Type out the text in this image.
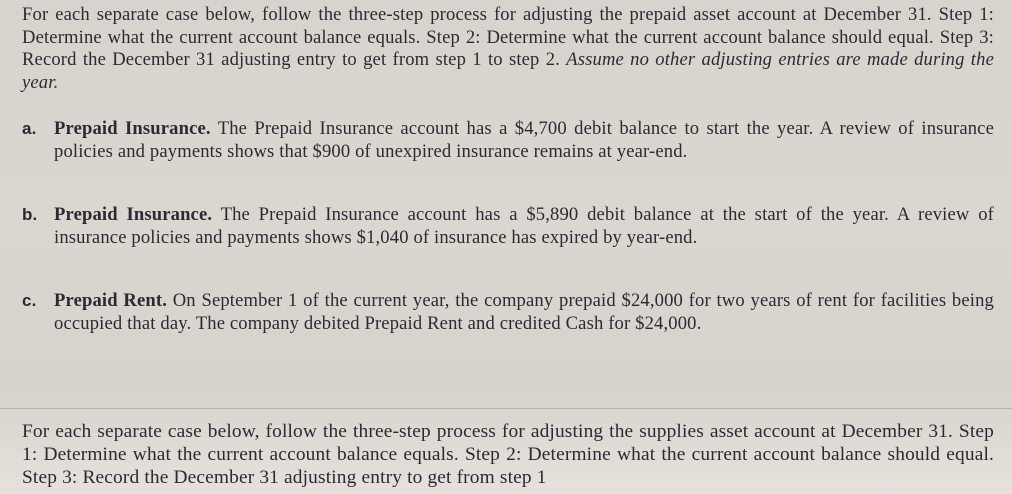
For each separate case below, follow the three-step process for adjusting the prepaid asset account at December 31. Step 1: Determine what the current account balance equals. Step 2: Determine what the current account balance should equal. Step 3: Record the December 31 adjusting entry to get from step 1 to step 2. Assume no other adjusting entries are made during the year.

a. Prepaid Insurance. The Prepaid Insurance account has a $4,700 debit balance to start the year. A review of insurance policies and payments shows that $900 of unexpired insurance remains at year-end.
b. Prepaid Insurance. The Prepaid Insurance account has a $5,890 debit balance at the start of the year. A review of insurance policies and payments shows $1,040 of insurance has expired by year-end.
c. Prepaid Rent. On September 1 of the current year, the company prepaid $24,000 for two years of rent for facilities being occupied that day. The company debited Prepaid Rent and credited Cash for $24,000.

For each separate case below, follow the three-step process for adjusting the supplies asset account at December 31. Step 1: Determine what the current account balance equals. Step 2: Determine what the current account balance should equal. Step 3: Record the December 31 adjusting entry to get from step 1
